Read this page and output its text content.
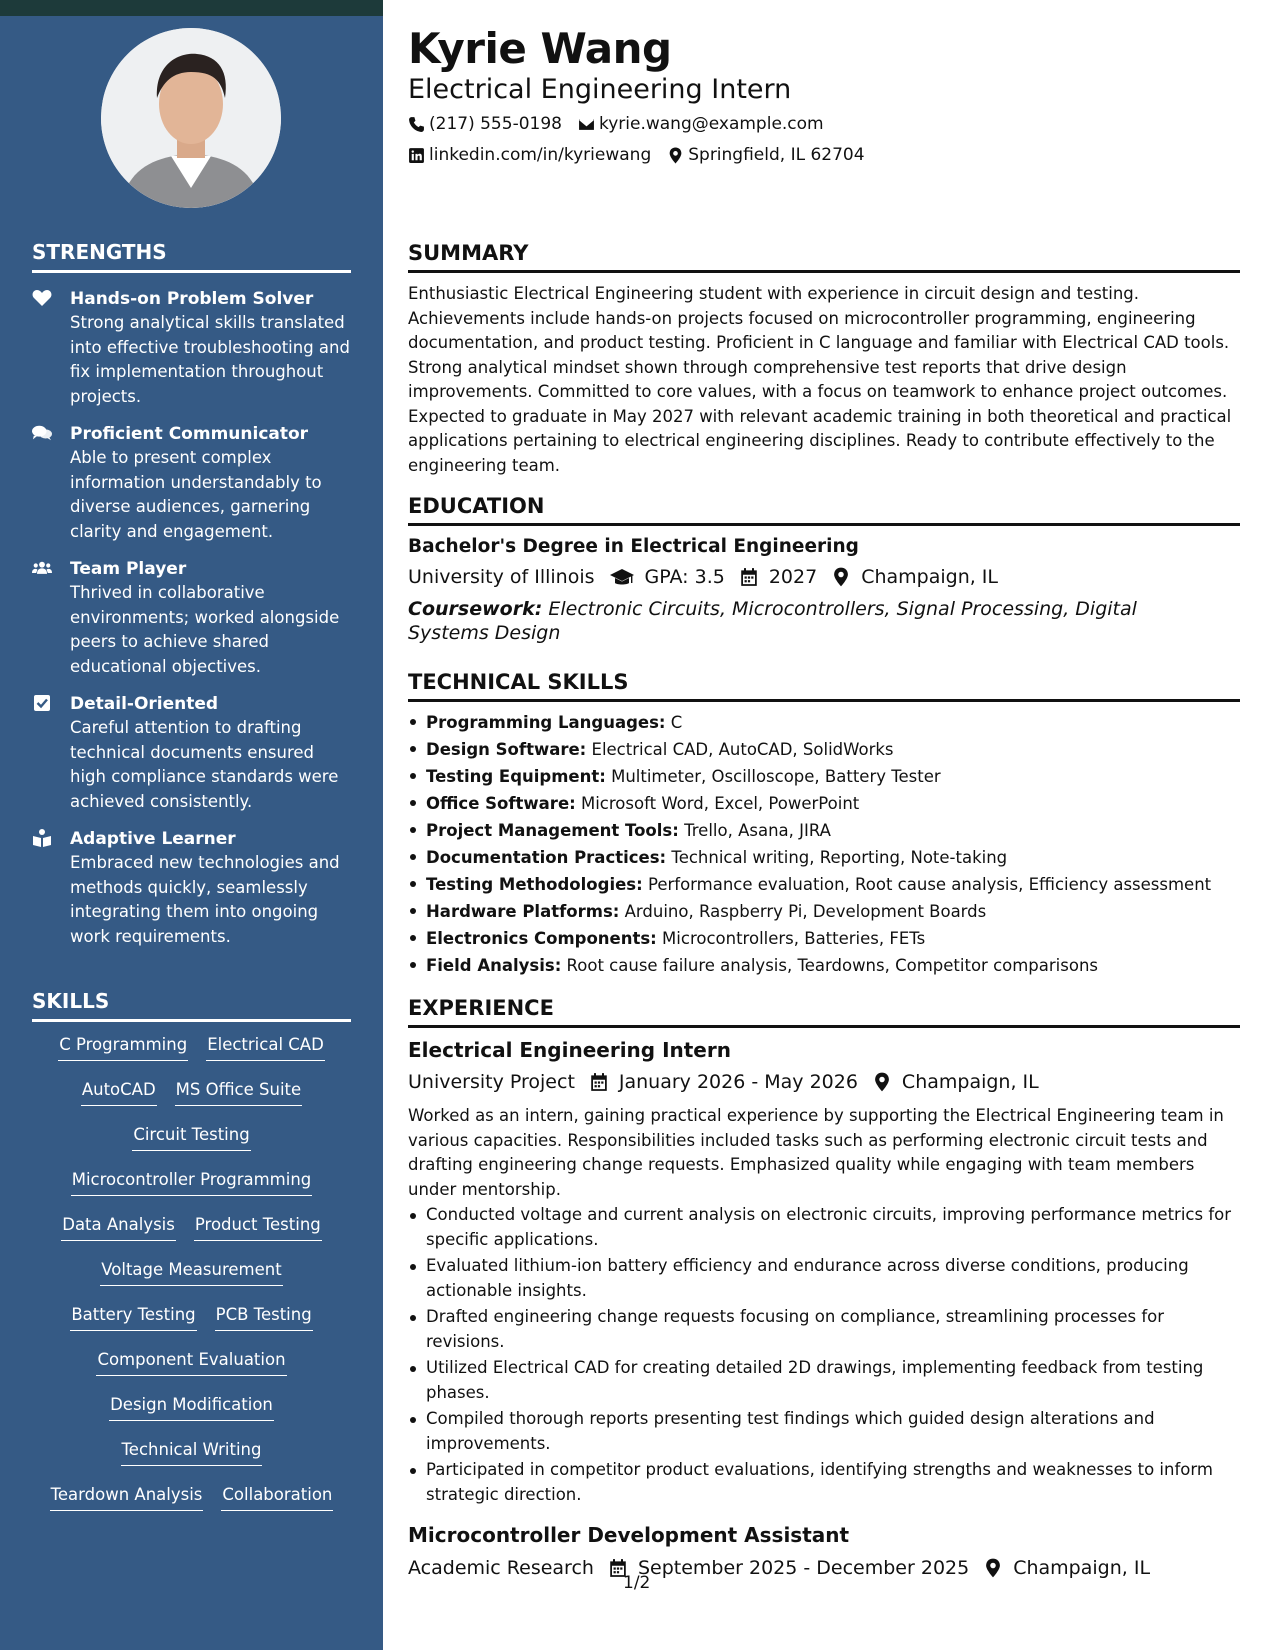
STRENGTHS
Hands-on Problem Solver
Strong analytical skills translated into effective troubleshooting and fix implementation throughout projects.
Proficient Communicator
Able to present complex information understandably to diverse audiences, garnering clarity and engagement.
Team Player
Thrived in collaborative environments; worked alongside peers to achieve shared educational objectives.
Detail-Oriented
Careful attention to drafting technical documents ensured high compliance standards were achieved consistently.
Adaptive Learner
Embraced new technologies and methods quickly, seamlessly integrating them into ongoing work requirements.
SKILLS
C Programming Electrical CAD
AutoCAD MS Office Suite
Circuit Testing
Microcontroller Programming
Data Analysis Product Testing
Voltage Measurement
Battery Testing PCB Testing
Component Evaluation
Design Modification
Technical Writing
Teardown Analysis Collaboration
Kyrie Wang
Electrical Engineering Intern
(217) 555-0198 kyrie.wang@example.com
linkedin.com/in/kyriewang Springfield, IL 62704
SUMMARY
Enthusiastic Electrical Engineering student with experience in circuit design and testing. Achievements include hands-on projects focused on microcontroller programming, engineering documentation, and product testing. Proficient in C language and familiar with Electrical CAD tools. Strong analytical mindset shown through comprehensive test reports that drive design improvements. Committed to core values, with a focus on teamwork to enhance project outcomes. Expected to graduate in May 2027 with relevant academic training in both theoretical and practical applications pertaining to electrical engineering disciplines. Ready to contribute effectively to the engineering team.
EDUCATION
Bachelor's Degree in Electrical Engineering
University of Illinois	GPA: 3.5 2027 Champaign, IL
Coursework: Electronic Circuits, Microcontrollers, Signal Processing, Digital Systems Design
TECHNICAL SKILLS
Programming Languages: C
Design Software: Electrical CAD, AutoCAD, SolidWorks
Testing Equipment: Multimeter, Oscilloscope, Battery Tester
Office Software: Microsoft Word, Excel, PowerPoint
Project Management Tools: Trello, Asana, JIRA
Documentation Practices: Technical writing, Reporting, Note-taking
Testing Methodologies: Performance evaluation, Root cause analysis, Efficiency assessment
Hardware Platforms: Arduino, Raspberry Pi, Development Boards
Electronics Components: Microcontrollers, Batteries, FETs
Field Analysis: Root cause failure analysis, Teardowns, Competitor comparisons
EXPERIENCE
Electrical Engineering Intern
University Project January 2026 - May 2026 Champaign, IL
Worked as an intern, gaining practical experience by supporting the Electrical Engineering team in various capacities. Responsibilities included tasks such as performing electronic circuit tests and drafting engineering change requests. Emphasized quality while engaging with team members under mentorship.
Conducted voltage and current analysis on electronic circuits, improving performance metrics for specific applications.
Evaluated lithium-ion battery efficiency and endurance across diverse conditions, producing actionable insights.
Drafted engineering change requests focusing on compliance, streamlining processes for revisions.
Utilized Electrical CAD for creating detailed 2D drawings, implementing feedback from testing phases.
Compiled thorough reports presenting test findings which guided design alterations and improvements.
Participated in competitor product evaluations, identifying strengths and weaknesses to inform strategic direction.
Microcontroller Development Assistant
Academic Research September 2025 - December 2025 Champaign, IL
1/2
